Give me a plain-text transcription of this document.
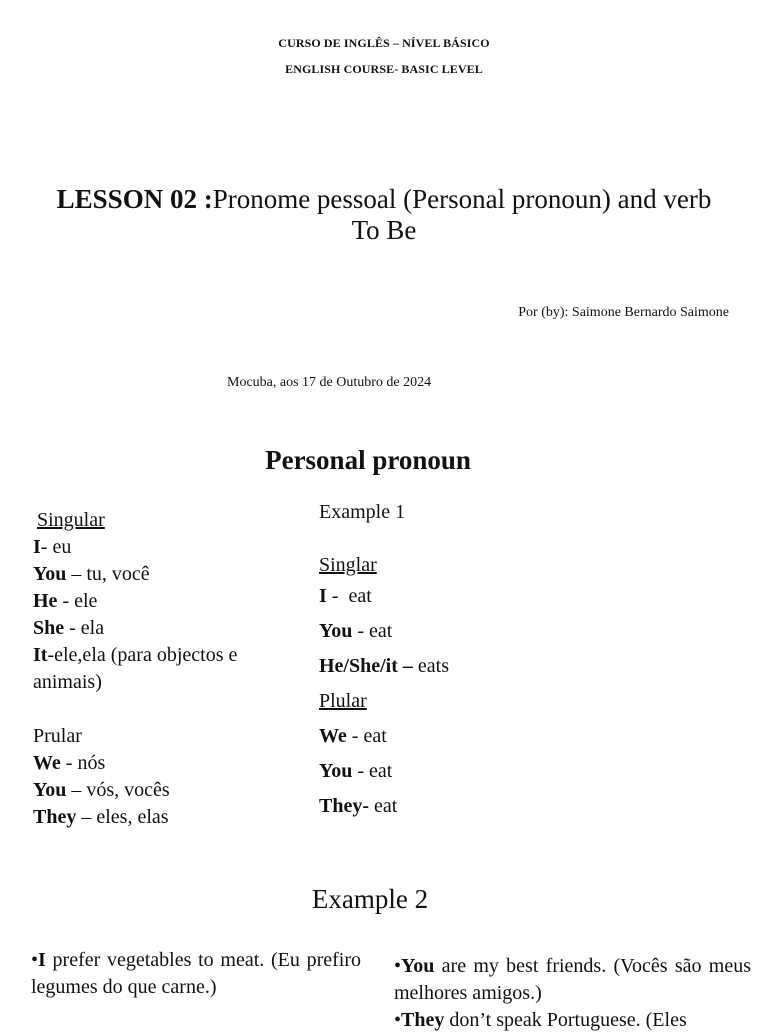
CURSO DE INGLÊS – NÍVEL BÁSICO
ENGLISH COURSE- BASIC LEVEL
LESSON 02 :Pronome pessoal (Personal pronoun) and verb
To Be
Por (by): Saimone Bernardo Saimone
Mocuba, aos 17 de Outubro de 2024
Personal pronoun
Singular
I- eu
You – tu, você
He - ele
She - ela
It-ele,ela (para objectos e animais)
Prular
We - nós
You – vós, vocês
They – eles, elas
Example 1
Singlar
I -  eat
You - eat
He/She/it – eats
Plular
We - eat
You - eat
They- eat
Example 2
•I prefer vegetables to meat. (Eu prefiro legumes do que carne.)
•You are my best friends. (Vocês são meus melhores amigos.)
•They don’t speak Portuguese. (Eles
